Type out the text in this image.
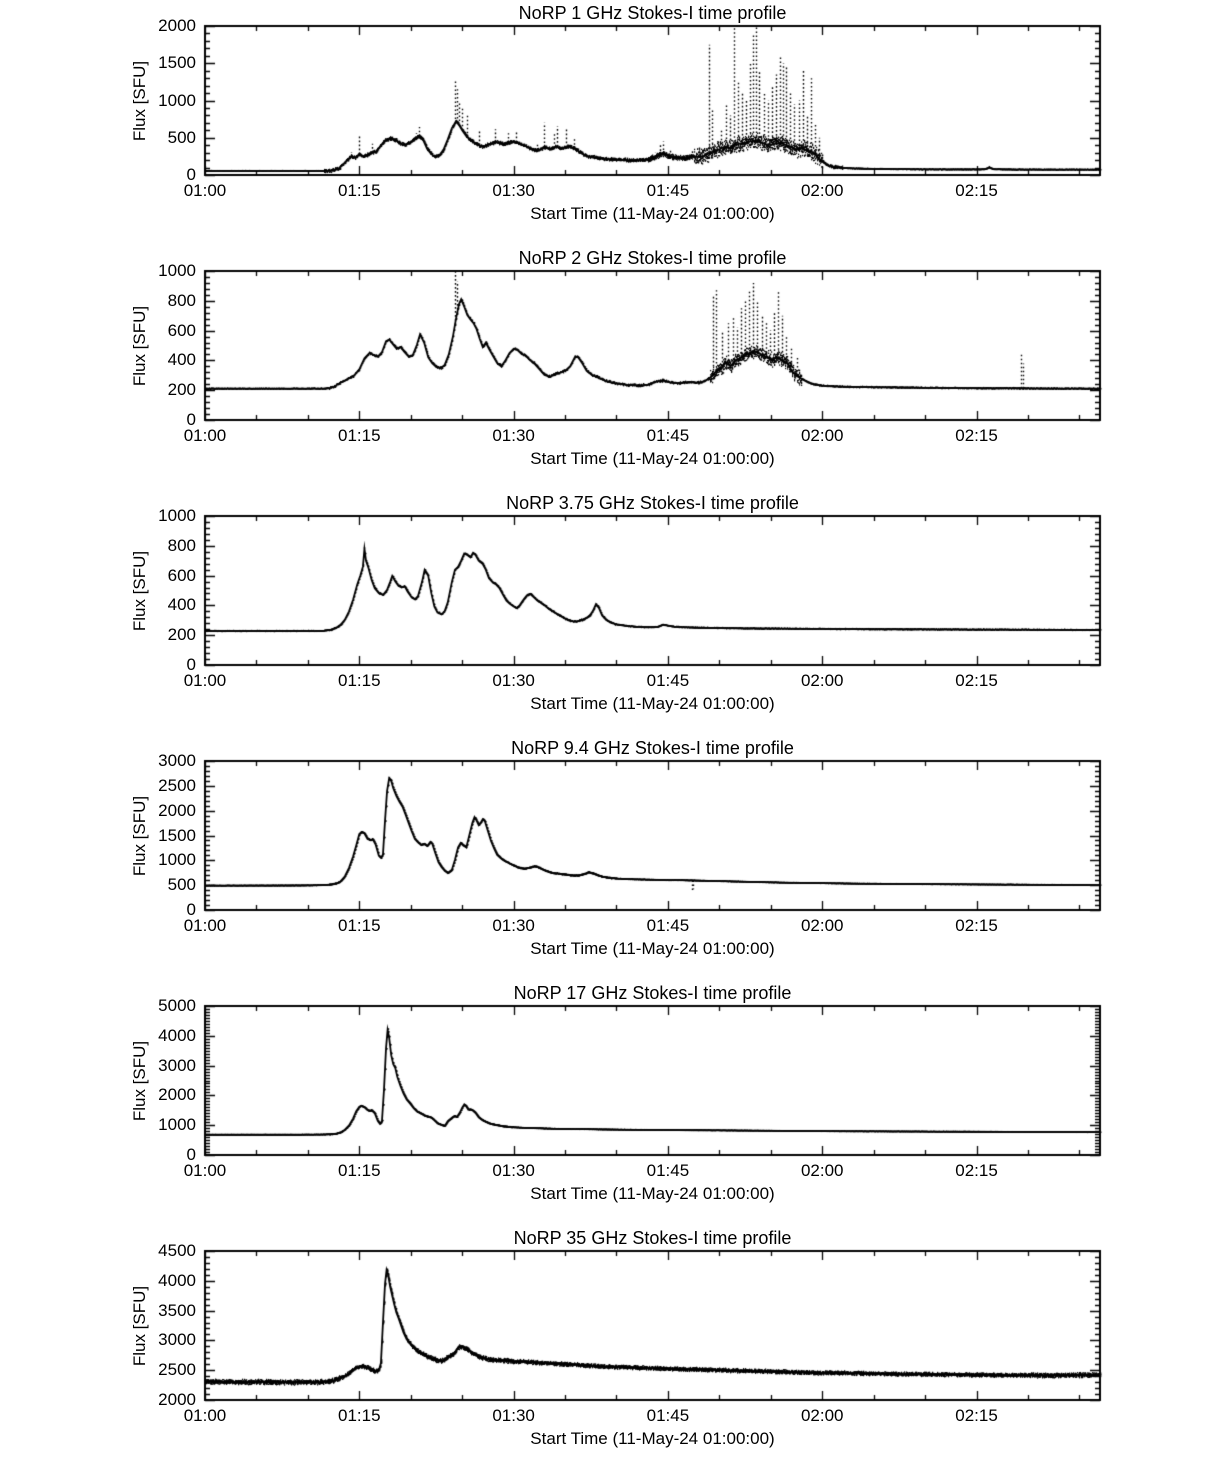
NoRP 1 GHz Stokes-I time profile
Flux [SFU]
Start Time (11-May-24 01:00:00)
0
500
1000
1500
2000
01:00	01:15	01:30	01:45	02:00	02:15
NoRP 2 GHz Stokes-I time profile
Flux [SFU]
Start Time (11-May-24 01:00:00)
0
200
400
600
800
1000
01:00	01:15	01:30	01:45	02:00	02:15
NoRP 3.75 GHz Stokes-I time profile
Flux [SFU]
Start Time (11-May-24 01:00:00)
0
200
400
600
800
1000
01:00	01:15	01:30	01:45	02:00	02:15
NoRP 9.4 GHz Stokes-I time profile
Flux [SFU]
Start Time (11-May-24 01:00:00)
0
500
1000
1500
2000
2500
3000
01:00	01:15	01:30	01:45	02:00	02:15
NoRP 17 GHz Stokes-I time profile
Flux [SFU]
Start Time (11-May-24 01:00:00)
0
1000
2000
3000
4000
5000
01:00	01:15	01:30	01:45	02:00	02:15
NoRP 35 GHz Stokes-I time profile
Flux [SFU]
Start Time (11-May-24 01:00:00)
2000
2500
3000
3500
4000
4500
01:00	01:15	01:30	01:45	02:00	02:15
